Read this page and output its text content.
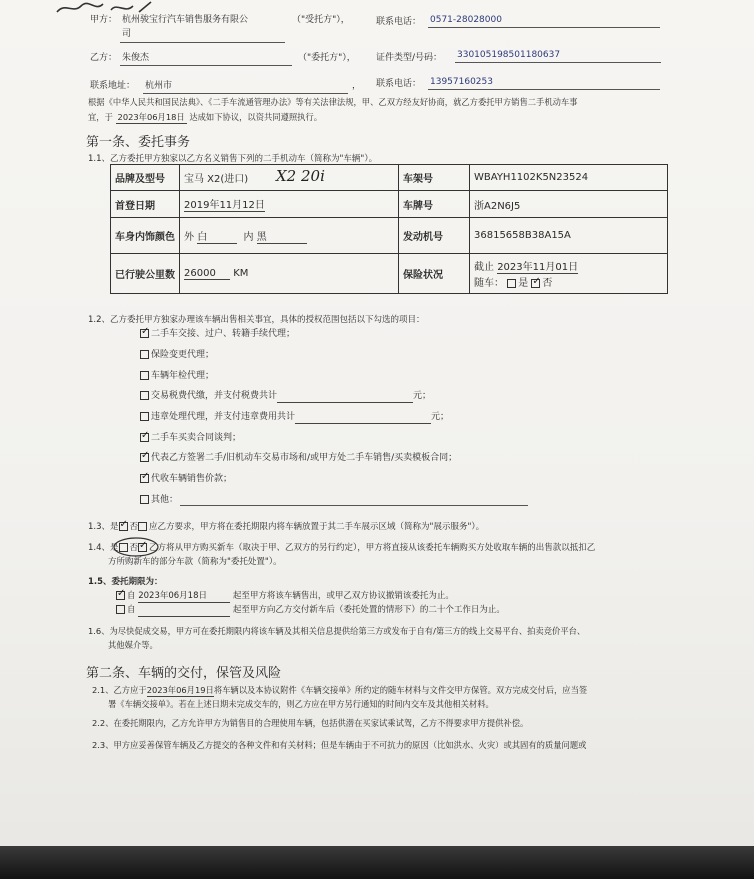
甲方： 杭州骏宝行汽车销售服务有限公
司
（"受托方"），	联系电话： 0571-28028000
乙方： 朱俊杰	（"委托方"）， 证件类型/号码： 330105198501180637
联系地址： 杭州市	， 联系电话： 13957160253
根据《中华人民共和国民法典》、《二手车流通管理办法》等有关法律法规，甲、乙双方经友好协商，就乙方委托甲方销售二手机动车事
宜，于 2023年06月18日 达成如下协议，以资共同遵照执行。
第一条、委托事务
1.1、乙方委托甲方独家以乙方名义销售下列的二手机动车（简称为"车辆"）。
品牌及型号	宝马 X2(进口) X2 20i	车架号	WBAYH1102K5N23524
首登日期	2019年11月12日	车牌号	浙A2N6J5
车身内饰颜色	外 白 内 黑	发动机号	36815658B38A15A
已行驶公里数	26000 KM	保险状况	截止 2023年11月01日
随车： 是 ✓ 否
1.2、乙方委托甲方独家办理该车辆出售相关事宜，具体的授权范围包括以下勾选的项目：
✓二手车交接、过户、转籍手续代理；
保险变更代理；
车辆年检代理；
交易税费代缴，并支付税费共计	元；
违章处理代理，并支付违章费用共计	元；
✓二手车买卖合同谈判；
✓代表乙方签署二手/旧机动车交易市场和/或甲方处二手车销售/买卖模板合同；
✓代收车辆销售价款；
其他：
1.3、是 ✓ 否 应乙方要求，甲方将在委托期限内将车辆放置于其二手车展示区域（简称为"展示服务"）。
1.4、是 否 ✓ 乙方将从甲方购买新车（取决于甲、乙双方的另行约定），甲方将直接从该委托车辆购买方处收取车辆的出售款以抵扣乙
方所购新车的部分车款（简称为"委托处置"）。
1.5、委托期限为：
✓自 2023年06月18日	起至甲方将该车辆售出，或甲乙双方协议撤销该委托为止。
自	起至甲方向乙方交付新车后（委托处置的情形下）的二十个工作日为止。
1.6、为尽快促成交易，甲方可在委托期限内将该车辆及其相关信息提供给第三方或发布于自有/第三方的线上交易平台、拍卖竞价平台、
其他媒介等。
第二条、车辆的交付，保管及风险
2.1、乙方应于2023年06月19日将车辆以及本协议附件《车辆交接单》所约定的随车材料与文件交甲方保管。双方完成交付后，应当签
署《车辆交接单》。若在上述日期未完成交车的，则乙方应在甲方另行通知的时间内交车及其他相关材料。
2.2、在委托期限内，乙方允许甲方为销售目的合理使用车辆，包括供潜在买家试乘试驾，乙方不得要求甲方提供补偿。
2.3、甲方应妥善保管车辆及乙方提交的各种文件和有关材料；但是车辆由于不可抗力的原因（比如洪水、火灾）或其固有的质量问题或
